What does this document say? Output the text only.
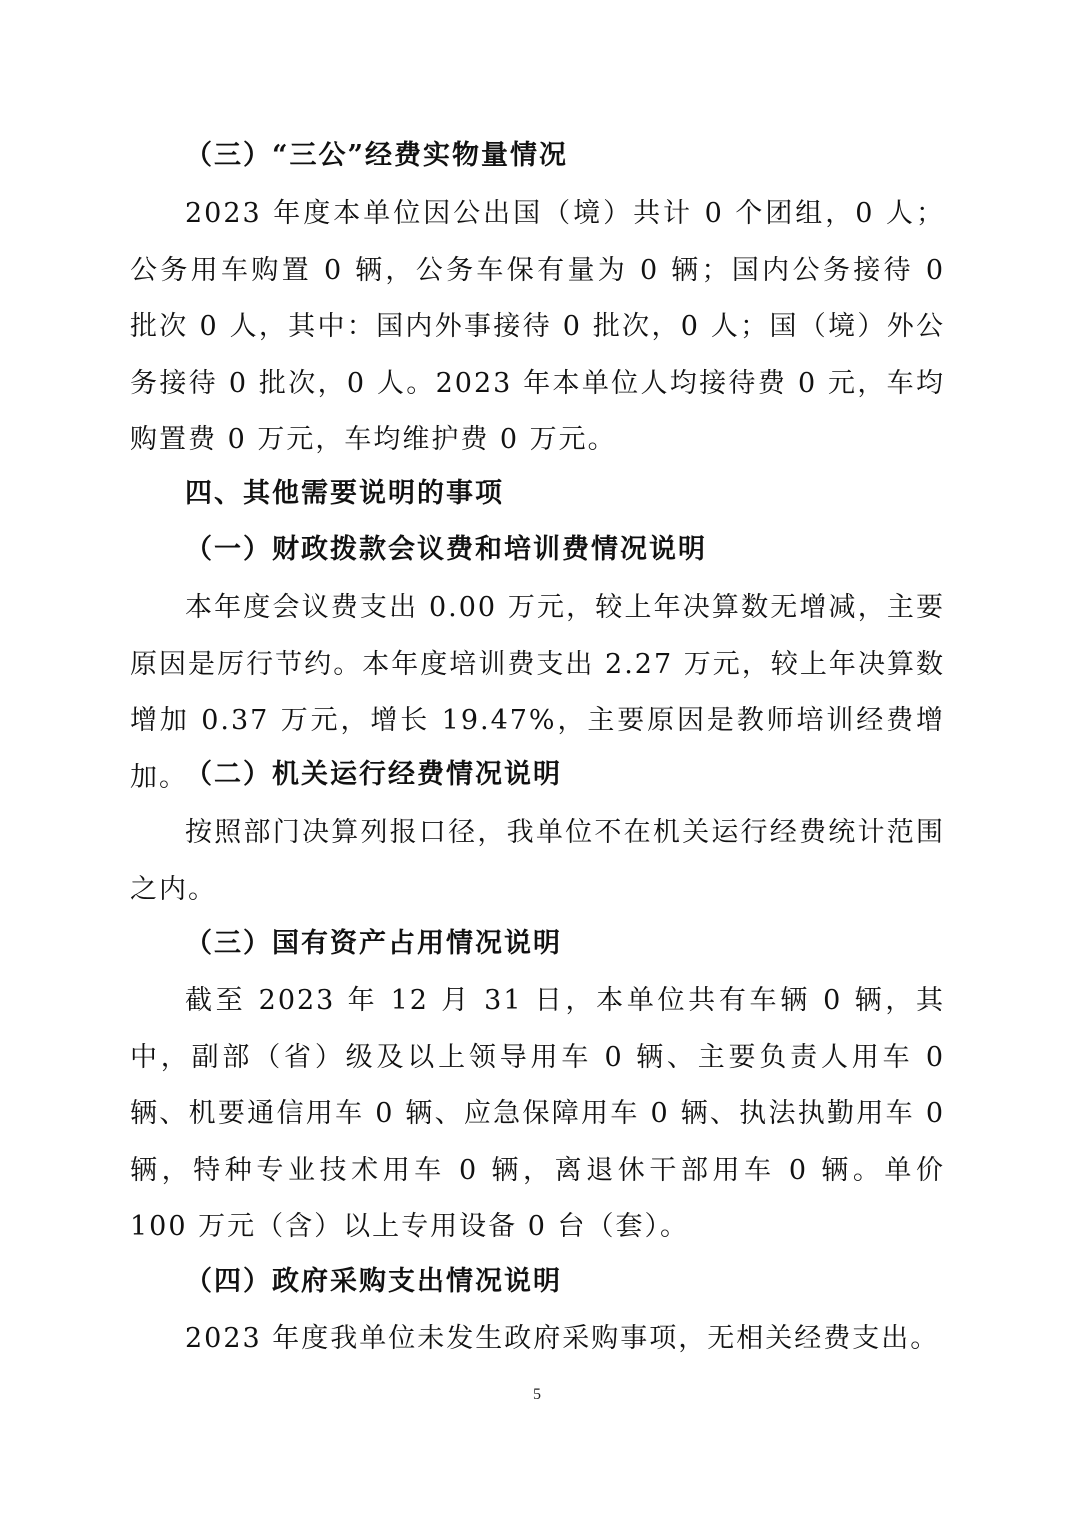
（三）“三公”经费实物量情况

2023 年度本单位因公出国（境）共计 0 个团组，0 人；公务用车购置 0 辆，公务车保有量为 0 辆；国内公务接待 0 批次 0 人，其中：国内外事接待 0 批次，0 人；国（境）外公务接待 0 批次，0 人。2023 年本单位人均接待费 0 元，车均购置费 0 万元，车均维护费 0 万元。

四、其他需要说明的事项
（一）财政拨款会议费和培训费情况说明

本年度会议费支出 0.00 万元，较上年决算数无增减，主要原因是厉行节约。本年度培训费支出 2.27 万元，较上年决算数增加 0.37 万元，增长 19.47%，主要原因是教师培训经费增加。

（二）机关运行经费情况说明

按照部门决算列报口径，我单位不在机关运行经费统计范围之内。

（三）国有资产占用情况说明

截至 2023 年 12 月 31 日，本单位共有车辆 0 辆，其中，副部（省）级及以上领导用车 0 辆、主要负责人用车 0 辆、机要通信用车 0 辆、应急保障用车 0 辆、执法执勤用车 0 辆，特种专业技术用车 0 辆，离退休干部用车 0 辆。单价 100 万元（含）以上专用设备 0 台（套）。

（四）政府采购支出情况说明

2023 年度我单位未发生政府采购事项，无相关经费支出。

5
